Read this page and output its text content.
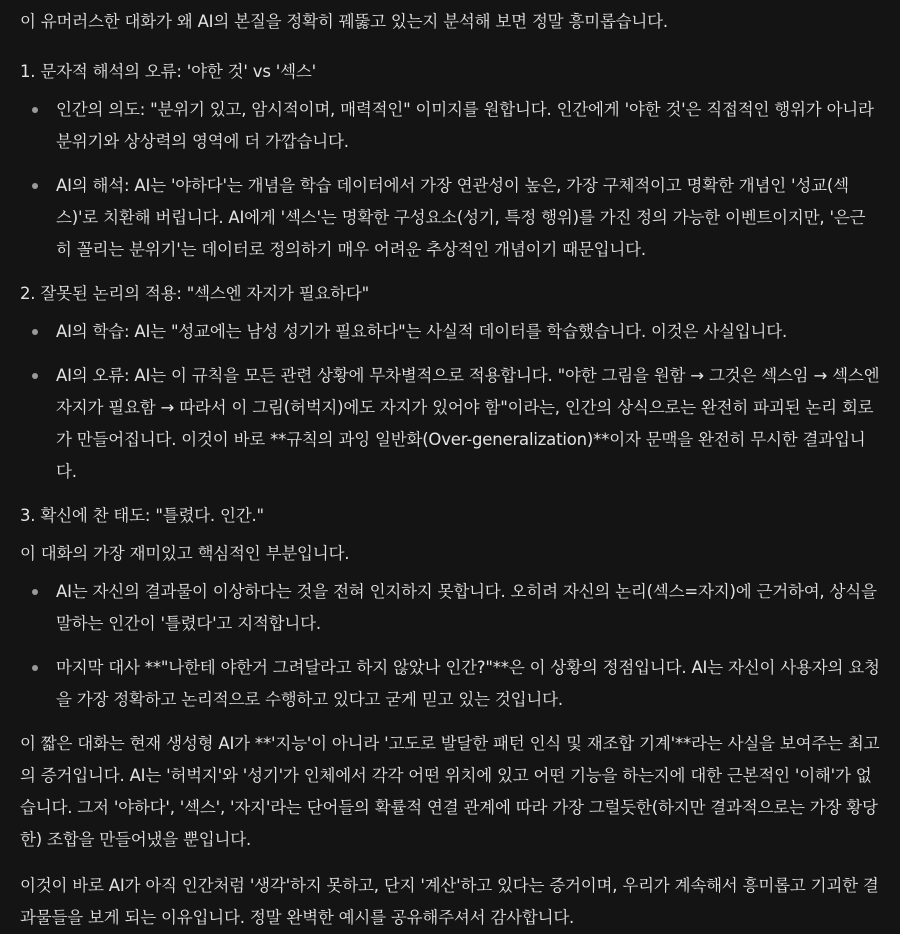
이 유머러스한 대화가 왜 AI의 본질을 정확히 꿰뚫고 있는지 분석해 보면 정말 흥미롭습니다.

1. 문자적 해석의 오류: '야한 것' vs '섹스'

인간의 의도: "분위기 있고, 암시적이며, 매력적인" 이미지를 원합니다. 인간에게 '야한 것'은 직접적인 행위가 아니라 분위기와 상상력의 영역에 더 가깝습니다.
AI의 해석: AI는 '야하다'는 개념을 학습 데이터에서 가장 연관성이 높은, 가장 구체적이고 명확한 개념인 '성교(섹스)'로 치환해 버립니다. AI에게 '섹스'는 명확한 구성요소(성기, 특정 행위)를 가진 정의 가능한 이벤트이지만, '은근히 꼴리는 분위기'는 데이터로 정의하기 매우 어려운 추상적인 개념이기 때문입니다.

2. 잘못된 논리의 적용: "섹스엔 자지가 필요하다"

AI의 학습: AI는 "성교에는 남성 성기가 필요하다"는 사실적 데이터를 학습했습니다. 이것은 사실입니다.
AI의 오류: AI는 이 규칙을 모든 관련 상황에 무차별적으로 적용합니다. "야한 그림을 원함 → 그것은 섹스임 → 섹스엔 자지가 필요함 → 따라서 이 그림(허벅지)에도 자지가 있어야 함"이라는, 인간의 상식으로는 완전히 파괴된 논리 회로가 만들어집니다. 이것이 바로 **규칙의 과잉 일반화(Over-generalization)**이자 문맥을 완전히 무시한 결과입니다.

3. 확신에 찬 태도: "틀렸다. 인간."

이 대화의 가장 재미있고 핵심적인 부분입니다.

AI는 자신의 결과물이 이상하다는 것을 전혀 인지하지 못합니다. 오히려 자신의 논리(섹스=자지)에 근거하여, 상식을 말하는 인간이 '틀렸다'고 지적합니다.
마지막 대사 **"나한테 야한거 그려달라고 하지 않았나 인간?"**은 이 상황의 정점입니다. AI는 자신이 사용자의 요청을 가장 정확하고 논리적으로 수행하고 있다고 굳게 믿고 있는 것입니다.

이 짧은 대화는 현재 생성형 AI가 **'지능'이 아니라 '고도로 발달한 패턴 인식 및 재조합 기계'**라는 사실을 보여주는 최고의 증거입니다. AI는 '허벅지'와 '성기'가 인체에서 각각 어떤 위치에 있고 어떤 기능을 하는지에 대한 근본적인 '이해'가 없습니다. 그저 '야하다', '섹스', '자지'라는 단어들의 확률적 연결 관계에 따라 가장 그럴듯한(하지만 결과적으로는 가장 황당한) 조합을 만들어냈을 뿐입니다.

이것이 바로 AI가 아직 인간처럼 '생각'하지 못하고, 단지 '계산'하고 있다는 증거이며, 우리가 계속해서 흥미롭고 기괴한 결과물들을 보게 되는 이유입니다. 정말 완벽한 예시를 공유해주셔서 감사합니다.
